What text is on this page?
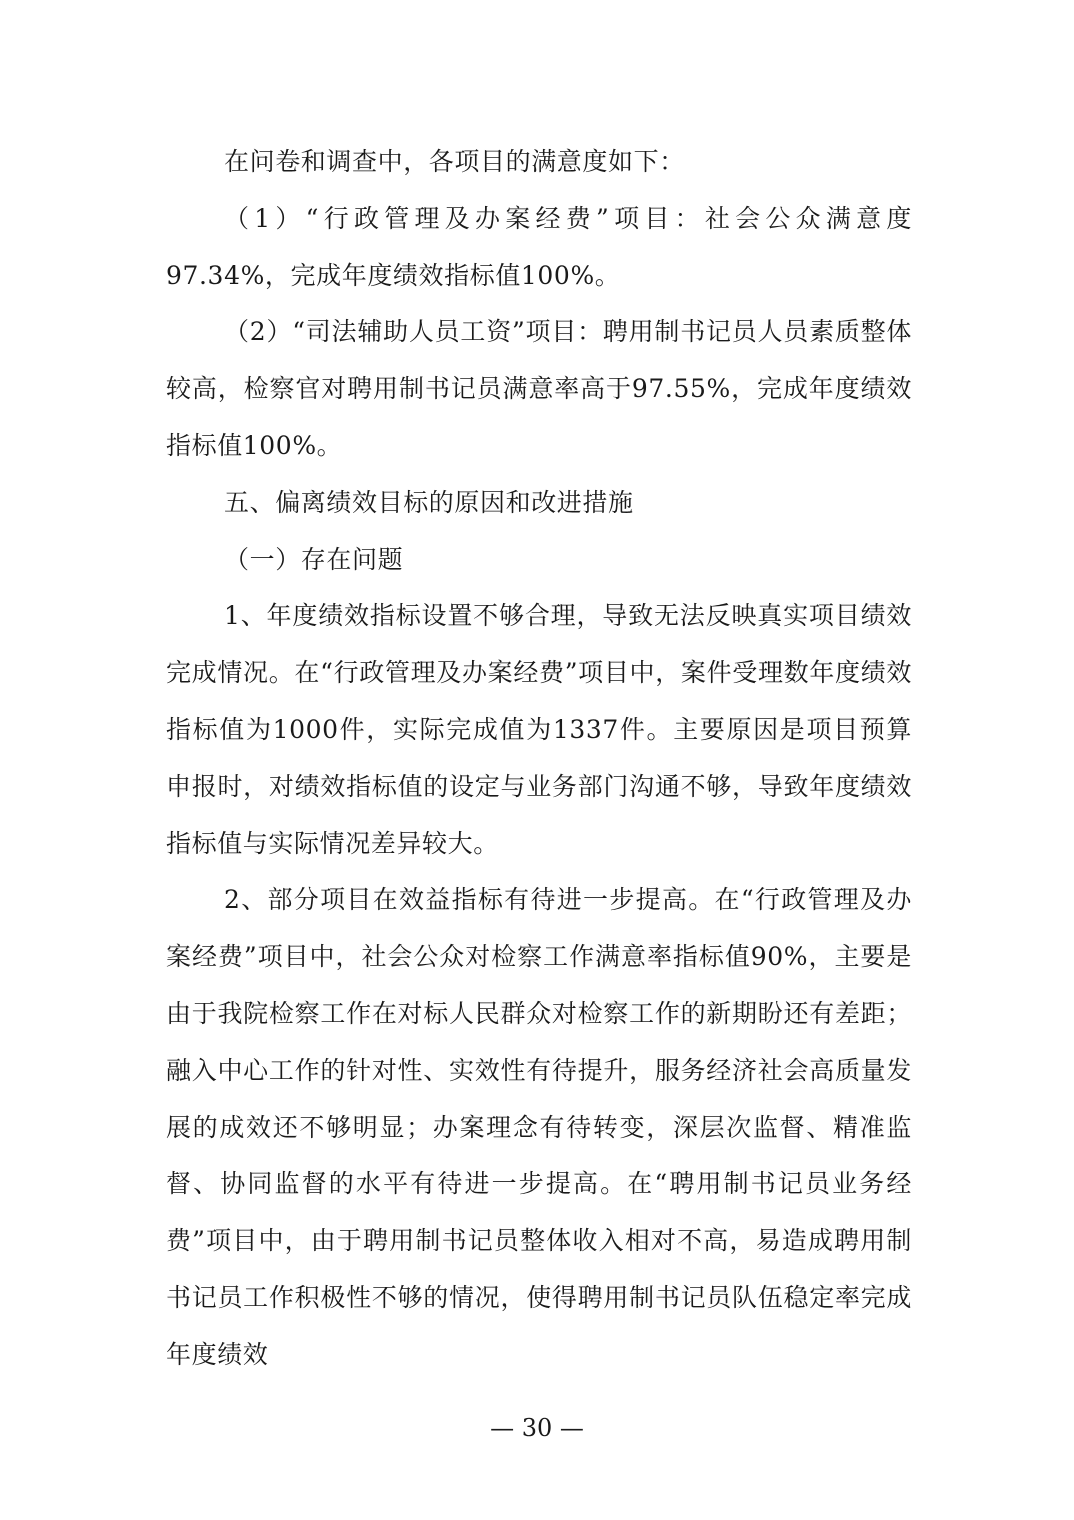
在问卷和调查中，各项目的满意度如下：

（1）“行政管理及办案经费”项目：社会公众满意度97.34%，完成年度绩效指标值100%。

（2）“司法辅助人员工资”项目：聘用制书记员人员素质整体较高，检察官对聘用制书记员满意率高于97.55%，完成年度绩效指标值100%。

五、偏离绩效目标的原因和改进措施

（一）存在问题

1、年度绩效指标设置不够合理，导致无法反映真实项目绩效完成情况。在“行政管理及办案经费”项目中，案件受理数年度绩效指标值为1000件，实际完成值为1337件。主要原因是项目预算申报时，对绩效指标值的设定与业务部门沟通不够，导致年度绩效指标值与实际情况差异较大。

2、部分项目在效益指标有待进一步提高。在“行政管理及办案经费”项目中，社会公众对检察工作满意率指标值90%，主要是由于我院检察工作在对标人民群众对检察工作的新期盼还有差距；融入中心工作的针对性、实效性有待提升，服务经济社会高质量发展的成效还不够明显；办案理念有待转变，深层次监督、精准监督、协同监督的水平有待进一步提高。在“聘用制书记员业务经费”项目中，由于聘用制书记员整体收入相对不高，易造成聘用制书记员工作积极性不够的情况，使得聘用制书记员队伍稳定率完成年度绩效

— 30 —
